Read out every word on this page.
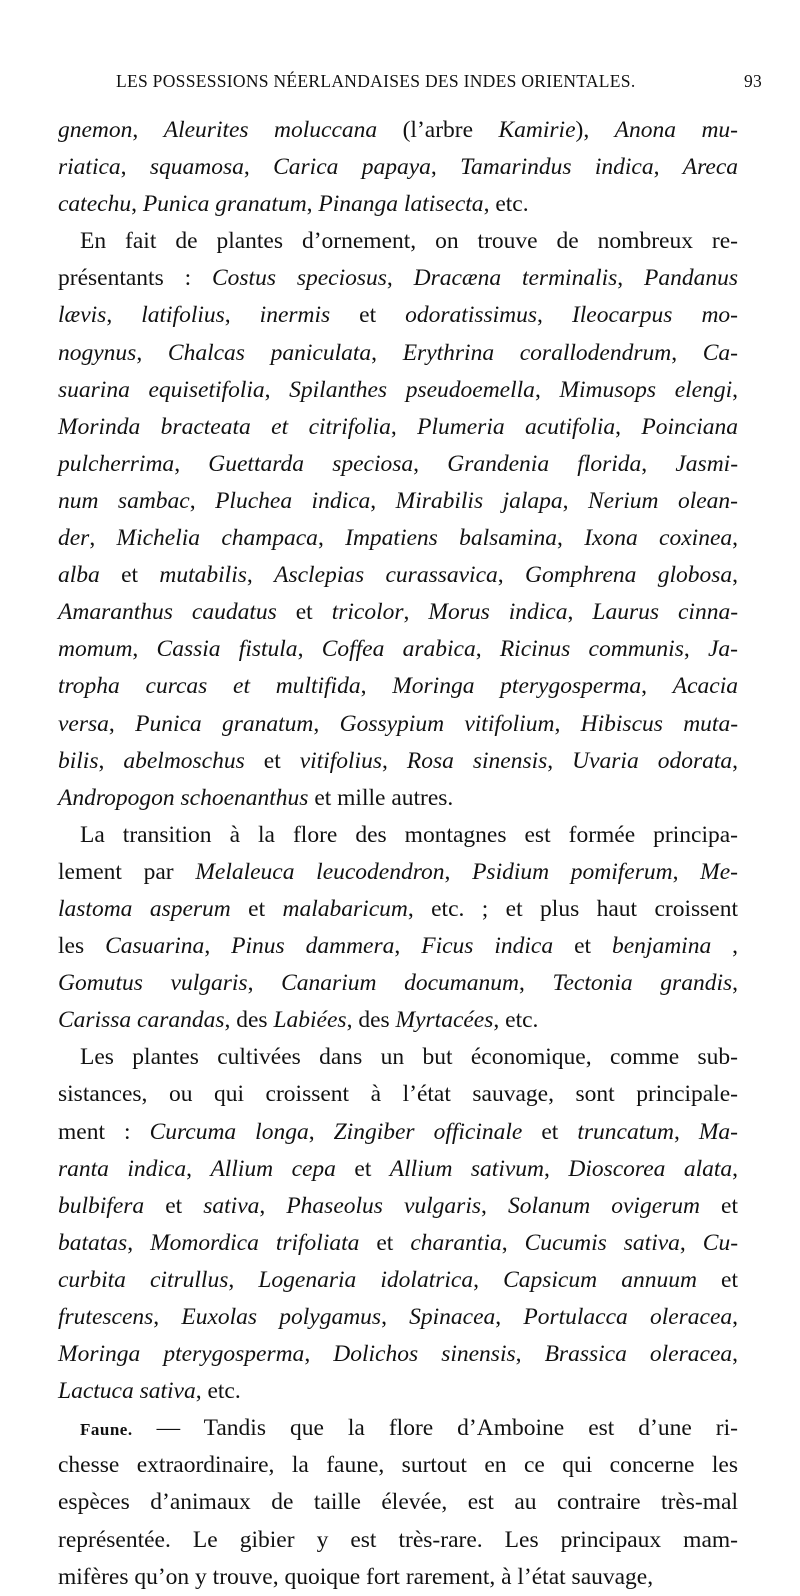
LES POSSESSIONS NÉERLANDAISES DES INDES ORIENTALES.	93
gnemon, Aleurites moluccana (l’arbre Kamirie), Anona mu-
riatica, squamosa, Carica papaya, Tamarindus indica, Areca
catechu, Punica granatum, Pinanga latisecta, etc.
En fait de plantes d’ornement, on trouve de nombreux re-
présentants : Costus speciosus, Dracæna terminalis, Pandanus
lævis, latifolius, inermis et odoratissimus, Ileocarpus mo-
nogynus, Chalcas paniculata, Erythrina corallodendrum, Ca-
suarina equisetifolia, Spilanthes pseudoemella, Mimusops elengi,
Morinda bracteata et citrifolia, Plumeria acutifolia, Poinciana
pulcherrima, Guettarda speciosa, Grandenia florida, Jasmi-
num sambac, Pluchea indica, Mirabilis jalapa, Nerium olean-
der, Michelia champaca, Impatiens balsamina, Ixona coxinea,
alba et mutabilis, Asclepias curassavica, Gomphrena globosa,
Amaranthus caudatus et tricolor, Morus indica, Laurus cinna-
momum, Cassia fistula, Coffea arabica, Ricinus communis, Ja-
tropha curcas et multifida, Moringa pterygosperma, Acacia
versa, Punica granatum, Gossypium vitifolium, Hibiscus muta-
bilis, abelmoschus et vitifolius, Rosa sinensis, Uvaria odorata,
Andropogon schoenanthus et mille autres.
La transition à la flore des montagnes est formée principa-
lement par Melaleuca leucodendron, Psidium pomiferum, Me-
lastoma asperum et malabaricum, etc. ; et plus haut croissent
les Casuarina, Pinus dammera, Ficus indica et benjamina ,
Gomutus vulgaris, Canarium documanum, Tectonia grandis,
Carissa carandas, des Labiées, des Myrtacées, etc.
Les plantes cultivées dans un but économique, comme sub-
sistances, ou qui croissent à l’état sauvage, sont principale-
ment : Curcuma longa, Zingiber officinale et truncatum, Ma-
ranta indica, Allium cepa et Allium sativum, Dioscorea alata,
bulbifera et sativa, Phaseolus vulgaris, Solanum ovigerum et
batatas, Momordica trifoliata et charantia, Cucumis sativa, Cu-
curbita citrullus, Logenaria idolatrica, Capsicum annuum et
frutescens, Euxolas polygamus, Spinacea, Portulacca oleracea,
Moringa pterygosperma, Dolichos sinensis, Brassica oleracea,
Lactuca sativa, etc.
Faune. — Tandis que la flore d’Amboine est d’une ri-
chesse extraordinaire, la faune, surtout en ce qui concerne les
espèces d’animaux de taille élevée, est au contraire très-mal
représentée. Le gibier y est très-rare. Les principaux mam-
mifères qu’on y trouve, quoique fort rarement, à l’état sauvage,
